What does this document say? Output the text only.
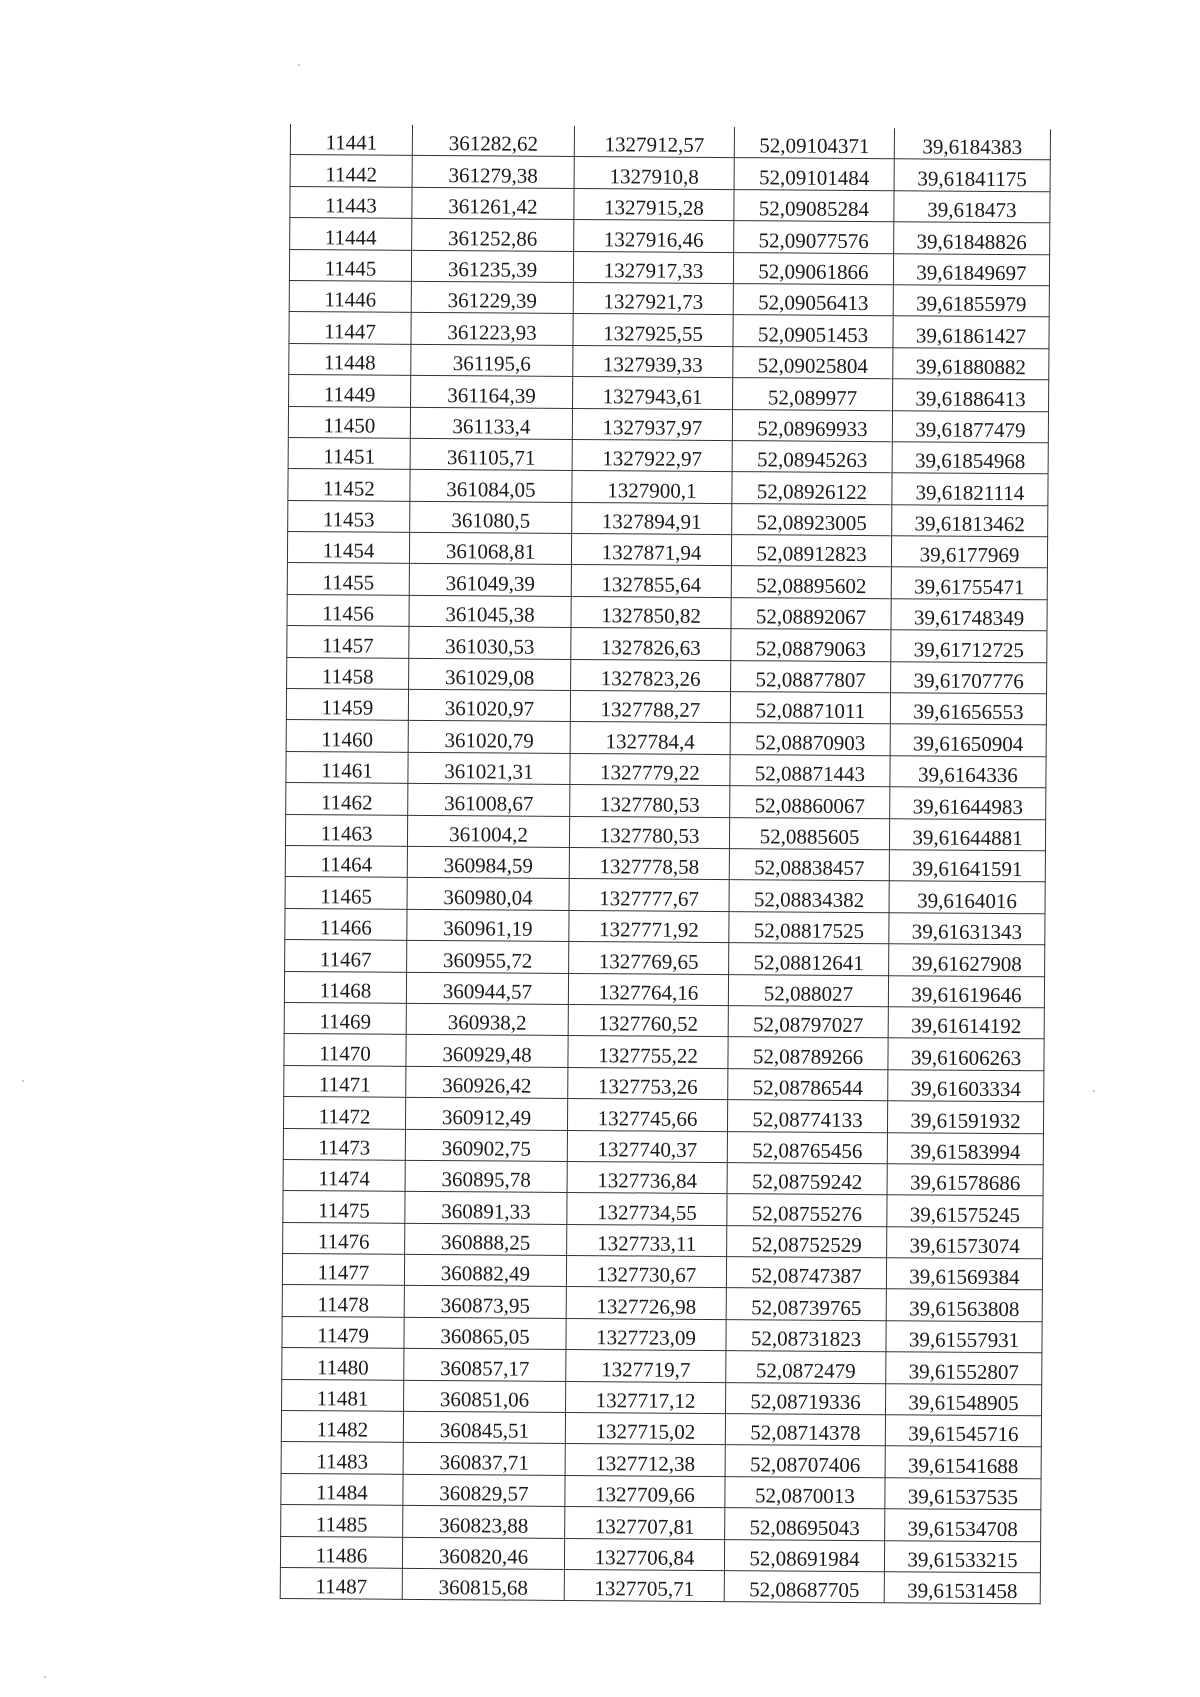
11441	361282,62	1327912,57	52,09104371	39,6184383
11442	361279,38	1327910,8	52,09101484	39,61841175
11443	361261,42	1327915,28	52,09085284	39,618473
11444	361252,86	1327916,46	52,09077576	39,61848826
11445	361235,39	1327917,33	52,09061866	39,61849697
11446	361229,39	1327921,73	52,09056413	39,61855979
11447	361223,93	1327925,55	52,09051453	39,61861427
11448	361195,6	1327939,33	52,09025804	39,61880882
11449	361164,39	1327943,61	52,089977	39,61886413
11450	361133,4	1327937,97	52,08969933	39,61877479
11451	361105,71	1327922,97	52,08945263	39,61854968
11452	361084,05	1327900,1	52,08926122	39,61821114
11453	361080,5	1327894,91	52,08923005	39,61813462
11454	361068,81	1327871,94	52,08912823	39,6177969
11455	361049,39	1327855,64	52,08895602	39,61755471
11456	361045,38	1327850,82	52,08892067	39,61748349
11457	361030,53	1327826,63	52,08879063	39,61712725
11458	361029,08	1327823,26	52,08877807	39,61707776
11459	361020,97	1327788,27	52,08871011	39,61656553
11460	361020,79	1327784,4	52,08870903	39,61650904
11461	361021,31	1327779,22	52,08871443	39,6164336
11462	361008,67	1327780,53	52,08860067	39,61644983
11463	361004,2	1327780,53	52,0885605	39,61644881
11464	360984,59	1327778,58	52,08838457	39,61641591
11465	360980,04	1327777,67	52,08834382	39,6164016
11466	360961,19	1327771,92	52,08817525	39,61631343
11467	360955,72	1327769,65	52,08812641	39,61627908
11468	360944,57	1327764,16	52,088027	39,61619646
11469	360938,2	1327760,52	52,08797027	39,61614192
11470	360929,48	1327755,22	52,08789266	39,61606263
11471	360926,42	1327753,26	52,08786544	39,61603334
11472	360912,49	1327745,66	52,08774133	39,61591932
11473	360902,75	1327740,37	52,08765456	39,61583994
11474	360895,78	1327736,84	52,08759242	39,61578686
11475	360891,33	1327734,55	52,08755276	39,61575245
11476	360888,25	1327733,11	52,08752529	39,61573074
11477	360882,49	1327730,67	52,08747387	39,61569384
11478	360873,95	1327726,98	52,08739765	39,61563808
11479	360865,05	1327723,09	52,08731823	39,61557931
11480	360857,17	1327719,7	52,0872479	39,61552807
11481	360851,06	1327717,12	52,08719336	39,61548905
11482	360845,51	1327715,02	52,08714378	39,61545716
11483	360837,71	1327712,38	52,08707406	39,61541688
11484	360829,57	1327709,66	52,0870013	39,61537535
11485	360823,88	1327707,81	52,08695043	39,61534708
11486	360820,46	1327706,84	52,08691984	39,61533215
11487	360815,68	1327705,71	52,08687705	39,61531458
